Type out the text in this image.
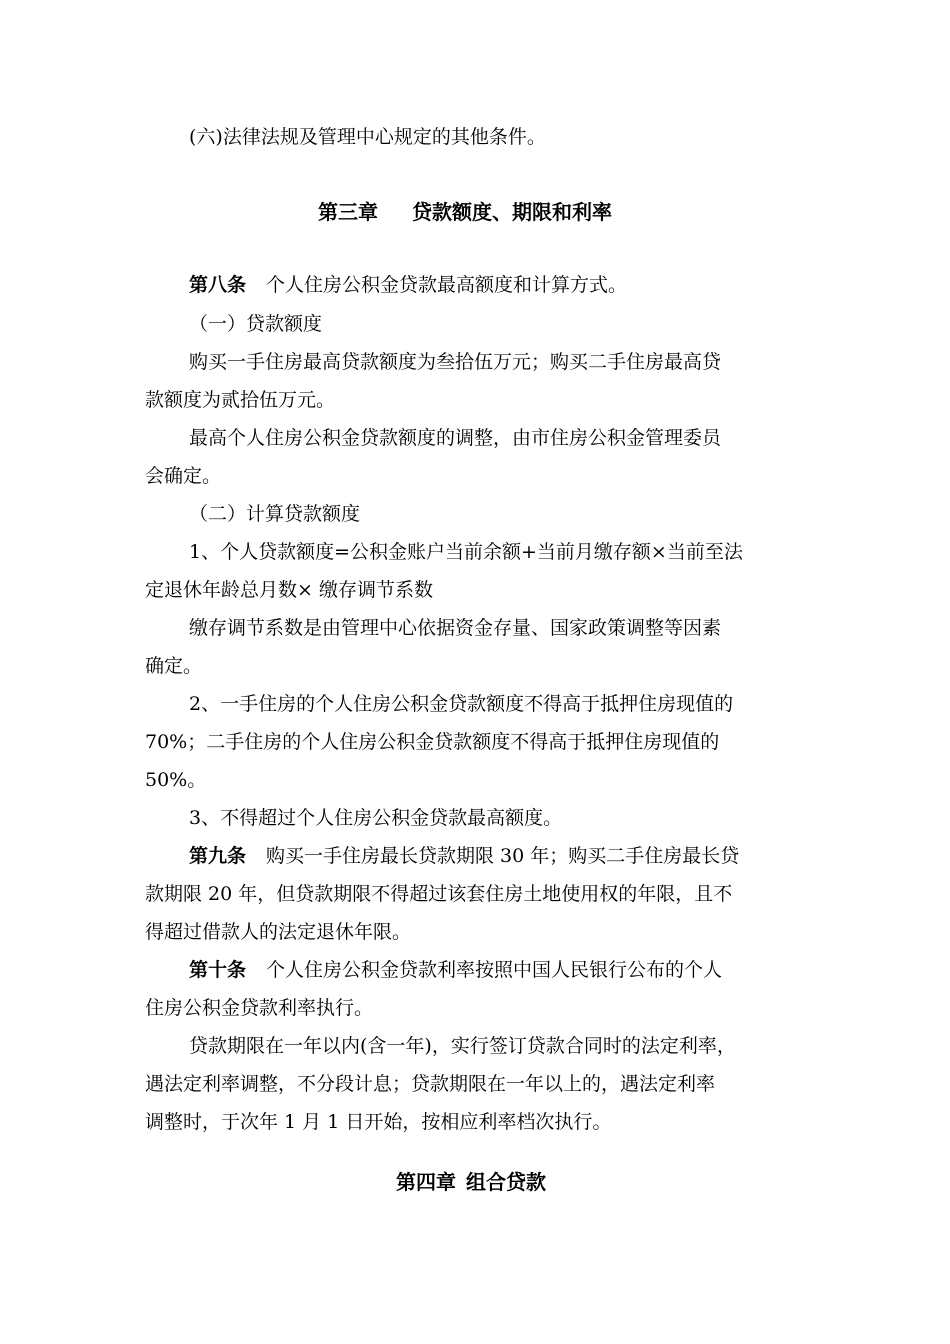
(六)法律法规及管理中心规定的其他条件。
第三章 贷款额度、期限和利率
第八条 个人住房公积金贷款最高额度和计算方式。
（一）贷款额度
购买一手住房最高贷款额度为叁拾伍万元；购买二手住房最高贷
款额度为贰拾伍万元。
最高个人住房公积金贷款额度的调整，由市住房公积金管理委员
会确定。
（二）计算贷款额度
1、个人贷款额度=公积金账户当前余额+当前月缴存额×当前至法
定退休年龄总月数× 缴存调节系数
缴存调节系数是由管理中心依据资金存量、国家政策调整等因素
确定。
2、一手住房的个人住房公积金贷款额度不得高于抵押住房现值的
70%；二手住房的个人住房公积金贷款额度不得高于抵押住房现值的
50%。
3、不得超过个人住房公积金贷款最高额度。
第九条 购买一手住房最长贷款期限 30 年；购买二手住房最长贷
款期限 20 年，但贷款期限不得超过该套住房土地使用权的年限，且不
得超过借款人的法定退休年限。
第十条 个人住房公积金贷款利率按照中国人民银行公布的个人
住房公积金贷款利率执行。
贷款期限在一年以内(含一年)，实行签订贷款合同时的法定利率，
遇法定利率调整，不分段计息；贷款期限在一年以上的，遇法定利率
调整时，于次年 1 月 1 日开始，按相应利率档次执行。
第四章 组合贷款
